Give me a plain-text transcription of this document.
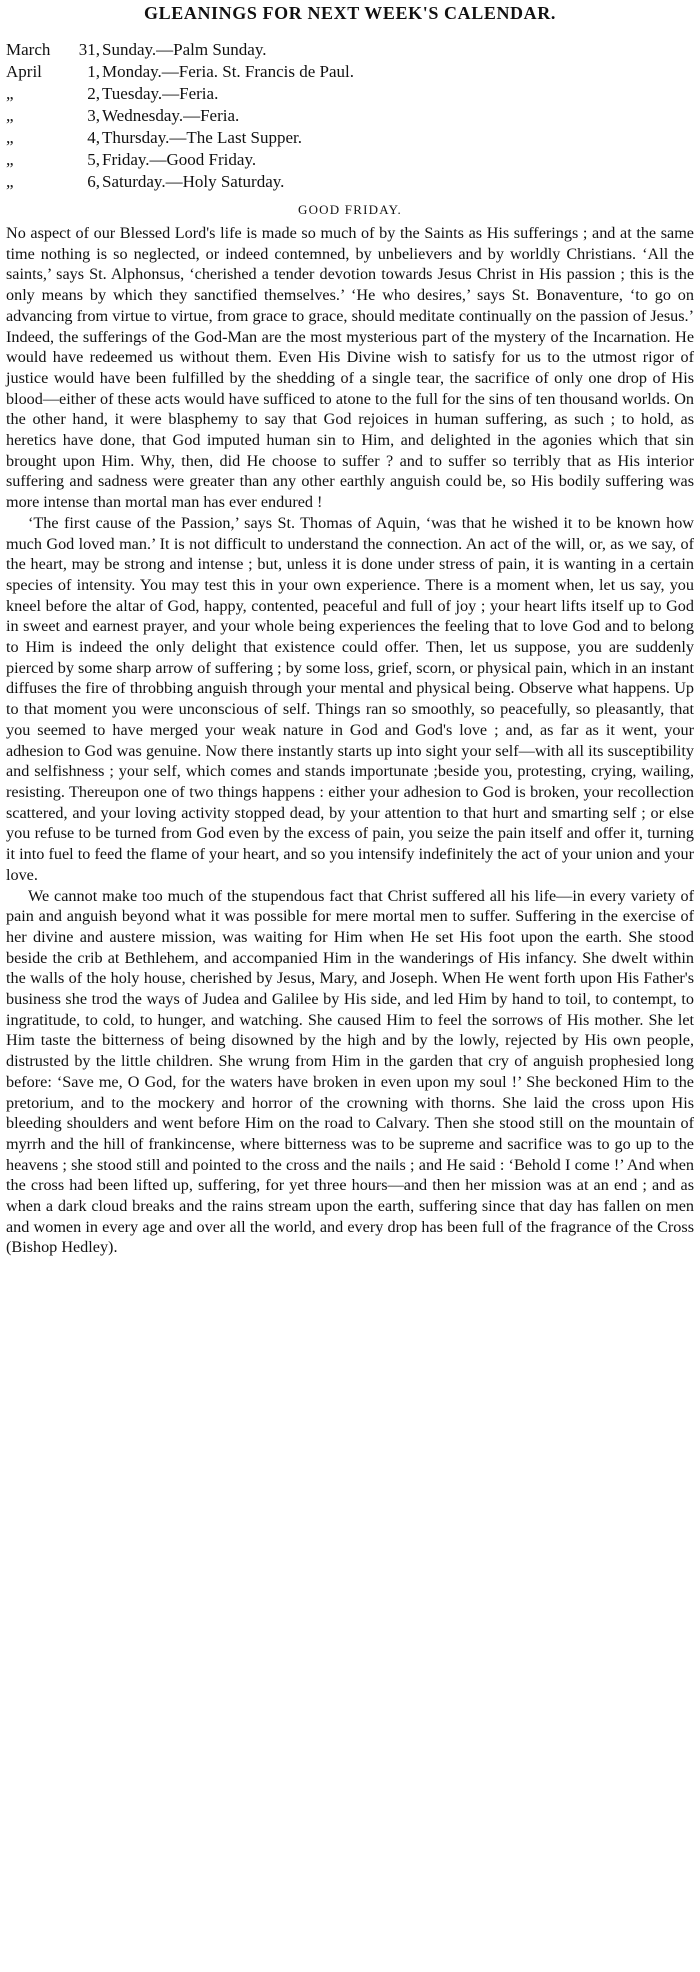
GLEANINGS FOR NEXT WEEK'S CALENDAR.
March	31, Sunday.—Palm Sunday.
April	1, Monday.—Feria. St. Francis de Paul.
„	2, Tuesday.—Feria.
„	3, Wednesday.—Feria.
„	4, Thursday.—The Last Supper.
„	5, Friday.—Good Friday.
„	6, Saturday.—Holy Saturday.
GOOD FRIDAY.

No aspect of our Blessed Lord's life is made so much of by the Saints as His sufferings ; and at the same time nothing is so neglected, or indeed contemned, by unbelievers and by worldly Christians. ‘All the saints,’ says St. Alphonsus, ‘cherished a tender devotion towards Jesus Christ in His passion ; this is the only means by which they sanctified themselves.’ ‘He who desires,’ says St. Bonaventure, ‘to go on advancing from virtue to virtue, from grace to grace, should meditate continually on the passion of Jesus.’ Indeed, the sufferings of the God-Man are the most mysterious part of the mystery of the Incarnation. He would have redeemed us without them. Even His Divine wish to satisfy for us to the utmost rigor of justice would have been fulfilled by the shedding of a single tear, the sacrifice of only one drop of His blood—either of these acts would have sufficed to atone to the full for the sins of ten thousand worlds. On the other hand, it were blasphemy to say that God rejoices in human suffering, as such ; to hold, as heretics have done, that God imputed human sin to Him, and delighted in the agonies which that sin brought upon Him. Why, then, did He choose to suffer ? and to suffer so terribly that as His interior suffering and sadness were greater than any other earthly anguish could be, so His bodily suffering was more intense than mortal man has ever endured !

‘The first cause of the Passion,’ says St. Thomas of Aquin, ‘was that he wished it to be known how much God loved man.’ It is not difficult to understand the connection. An act of the will, or, as we say, of the heart, may be strong and intense ; but, unless it is done under stress of pain, it is wanting in a certain species of intensity. You may test this in your own experience. There is a moment when, let us say, you kneel before the altar of God, happy, contented, peaceful and full of joy ; your heart lifts itself up to God in sweet and earnest prayer, and your whole being experiences the feeling that to love God and to belong to Him is indeed the only delight that existence could offer. Then, let us suppose, you are suddenly pierced by some sharp arrow of suffering ; by some loss, grief, scorn, or physical pain, which in an instant diffuses the fire of throbbing anguish through your mental and physical being. Observe what happens. Up to that moment you were unconscious of self. Things ran so smoothly, so peacefully, so pleasantly, that you seemed to have merged your weak nature in God and God's love ; and, as far as it went, your adhesion to God was genuine. Now there instantly starts up into sight your self—with all its susceptibility and selfishness ; your self, which comes and stands importunate ;beside you, protesting, crying, wailing, resisting. Thereupon one of two things happens : either your adhesion to God is broken, your recollection scattered, and your loving activity stopped dead, by your attention to that hurt and smarting self ; or else you refuse to be turned from God even by the excess of pain, you seize the pain itself and offer it, turning it into fuel to feed the flame of your heart, and so you intensify indefinitely the act of your union and your love.

We cannot make too much of the stupendous fact that Christ suffered all his life—in every variety of pain and anguish beyond what it was possible for mere mortal men to suffer. Suffering in the exercise of her divine and austere mission, was waiting for Him when He set His foot upon the earth. She stood beside the crib at Bethlehem, and accompanied Him in the wanderings of His infancy. She dwelt within the walls of the holy house, cherished by Jesus, Mary, and Joseph. When He went forth upon His Father's business she trod the ways of Judea and Galilee by His side, and led Him by hand to toil, to contempt, to ingratitude, to cold, to hunger, and watching. She caused Him to feel the sorrows of His mother. She let Him taste the bitterness of being disowned by the high and by the lowly, rejected by His own people, distrusted by the little children. She wrung from Him in the garden that cry of anguish prophesied long before: ‘Save me, O God, for the waters have broken in even upon my soul !’ She beckoned Him to the pretorium, and to the mockery and horror of the crowning with thorns. She laid the cross upon His bleeding shoulders and went before Him on the road to Calvary. Then she stood still on the mountain of myrrh and the hill of frankincense, where bitterness was to be supreme and sacrifice was to go up to the heavens ; she stood still and pointed to the cross and the nails ; and He said : ‘Behold I come !’ And when the cross had been lifted up, suffering, for yet three hours—and then her mission was at an end ; and as when a dark cloud breaks and the rains stream upon the earth, suffering since that day has fallen on men and women in every age and over all the world, and every drop has been full of the fragrance of the Cross (Bishop Hedley).
